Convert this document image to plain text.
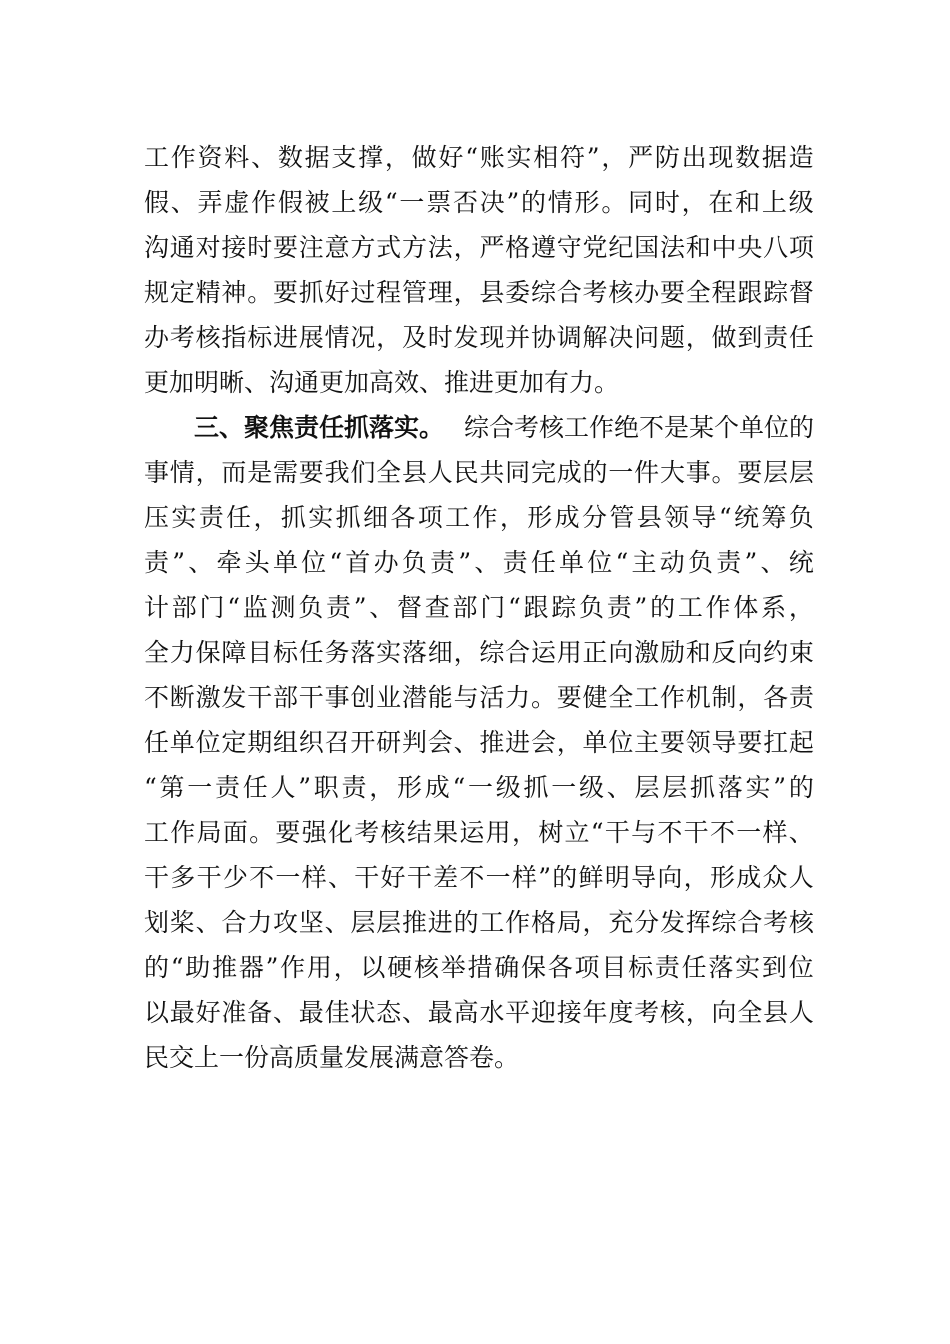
工 作 资 料 、 数 据 支 撑 ， 做 好 “ 账 实 相 符 ” ， 严 防 出 现 数 据 造
假 、 弄 虚 作 假 被 上 级 “ 一 票 否 决 ” 的 情 形 。 同 时 ， 在 和 上 级
沟 通 对 接 时 要 注 意 方 式 方 法 ， 严 格 遵 守 党 纪 国 法 和 中 央 八 项
规 定 精 神 。 要 抓 好 过 程 管 理 ， 县 委 综 合 考 核 办 要 全 程 跟 踪 督
办 考 核 指 标 进 展 情 况 ， 及 时 发 现 并 协 调 解 决 问 题 ， 做 到 责 任
更加明晰、沟通更加高效、推进更加有力。
三、聚焦责任抓落实。 综合考核工作绝不是某个单位的
事 情 ， 而 是 需 要 我 们 全 县 人 民 共 同 完 成 的 一 件 大 事 。 要 层 层
压 实 责 任 ， 抓 实 抓 细 各 项 工 作 ， 形 成 分 管 县 领 导 “ 统 筹 负
责 ” 、 牵 头 单 位 “ 首 办 负 责 ” 、 责 任 单 位 “ 主 动 负 责 ” 、 统
计 部 门 “ 监 测 负 责 ” 、 督 查 部 门 “ 跟 踪 负 责 ” 的 工 作 体 系 ，
全 力 保 障 目 标 任 务 落 实 落 细 ， 综 合 运 用 正 向 激 励 和 反 向 约 束
不 断 激 发 干 部 干 事 创 业 潜 能 与 活 力 。 要 健 全 工 作 机 制 ， 各 责
任 单 位 定 期 组 织 召 开 研 判 会 、 推 进 会 ， 单 位 主 要 领 导 要 扛 起
“ 第 一 责 任 人 ” 职 责 ， 形 成 “ 一 级 抓 一 级 、 层 层 抓 落 实 ” 的
工 作 局 面 。 要 强 化 考 核 结 果 运 用 ， 树 立 “ 干 与 不 干 不 一 样 、
干 多 干 少 不 一 样 、 干 好 干 差 不 一 样 ” 的 鲜 明 导 向 ， 形 成 众 人
划 桨 、 合 力 攻 坚 、 层 层 推 进 的 工 作 格 局 ， 充 分 发 挥 综 合 考 核
的 “ 助 推 器 ” 作 用 ， 以 硬 核 举 措 确 保 各 项 目 标 责 任 落 实 到 位
以 最 好 准 备 、 最 佳 状 态 、 最 高 水 平 迎 接 年 度 考 核 ， 向 全 县 人
民交上一份高质量发展满意答卷。
